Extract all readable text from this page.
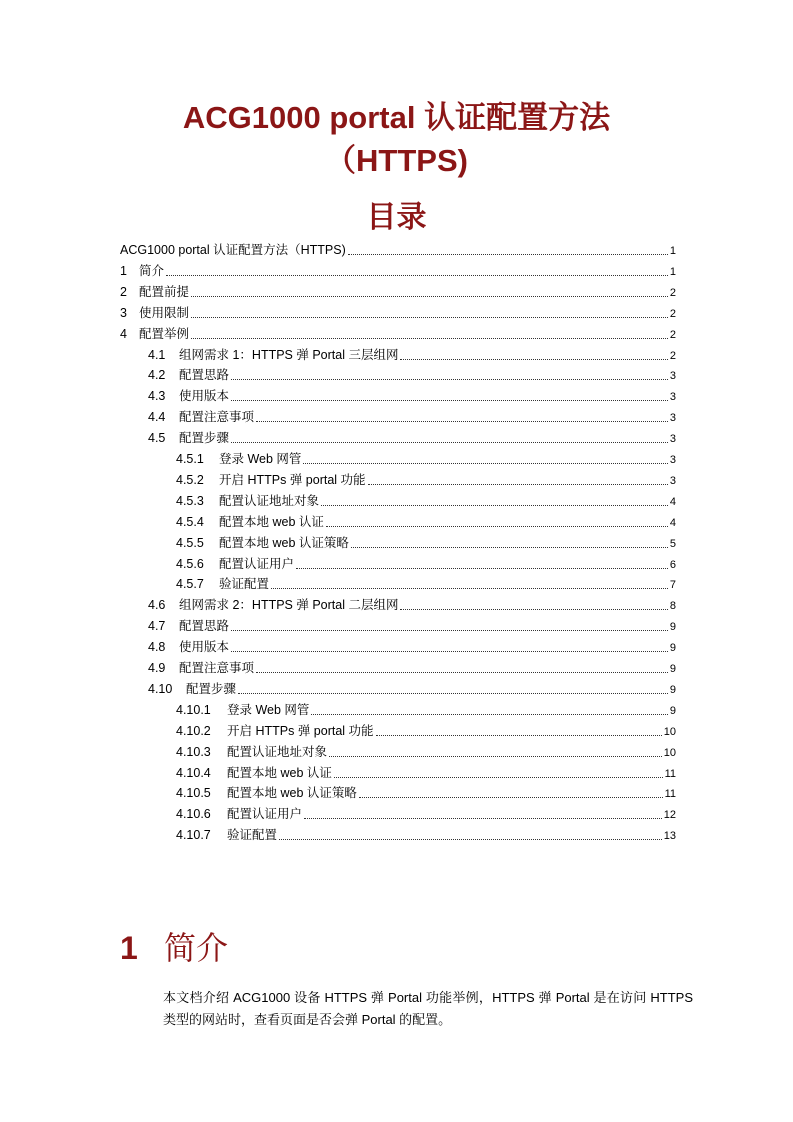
ACG1000 portal 认证配置方法
（HTTPS)
目录
ACG1000 portal 认证配置方法（HTTPS)	1
1 简介	1
2 配置前提	2
3 使用限制	2
4 配置举例	2
4.1	组网需求 1：HTTPS 弹 Portal 三层组网	2
4.2	配置思路	3
4.3	使用版本	3
4.4	配置注意事项	3
4.5	配置步骤	3
4.5.1	登录 Web 网管	3
4.5.2	开启 HTTPs 弹 portal 功能	3
4.5.3	配置认证地址对象	4
4.5.4	配置本地 web 认证	4
4.5.5	配置本地 web 认证策略	5
4.5.6	配置认证用户	6
4.5.7	验证配置	7
4.6	组网需求 2：HTTPS 弹 Portal 二层组网	8
4.7	配置思路	9
4.8	使用版本	9
4.9	配置注意事项	9
4.10	配置步骤	9
4.10.1	登录 Web 网管	9
4.10.2	开启 HTTPs 弹 portal 功能	10
4.10.3	配置认证地址对象	10
4.10.4	配置本地 web 认证	11
4.10.5	配置本地 web 认证策略	11
4.10.6	配置认证用户	12
4.10.7	验证配置	13
1 简介

本文档介绍 ACG1000 设备 HTTPS 弹 Portal 功能举例，HTTPS 弹 Portal 是在访问 HTTPS 类型的网站时，查看页面是否会弹 Portal 的配置。
